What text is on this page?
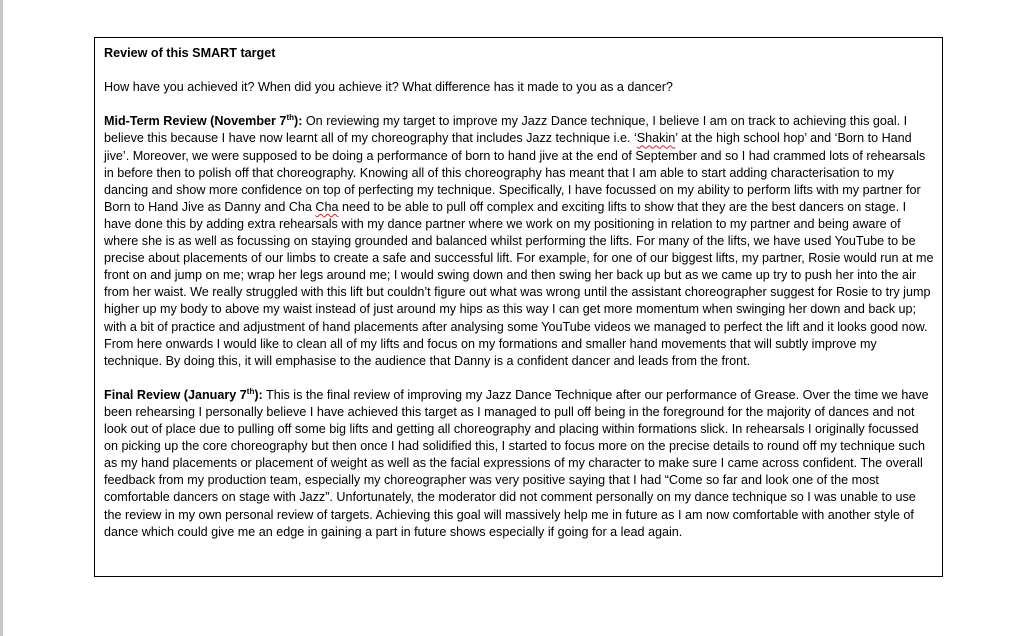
Review of this SMART target

How have you achieved it? When did you achieve it? What difference has it made to you as a dancer?

Mid-Term Review (November 7th): On reviewing my target to improve my Jazz Dance technique, I believe I am on track to achieving this goal. I believe this because I have now learnt all of my choreography that includes Jazz technique i.e. ‘Shakin’ at the high school hop’ and ‘Born to Hand jive’. Moreover, we were supposed to be doing a performance of born to hand jive at the end of September and so I had crammed lots of rehearsals in before then to polish off that choreography. Knowing all of this choreography has meant that I am able to start adding characterisation to my dancing and show more confidence on top of perfecting my technique. Specifically, I have focussed on my ability to perform lifts with my partner for Born to Hand Jive as Danny and Cha Cha need to be able to pull off complex and exciting lifts to show that they are the best dancers on stage. I have done this by adding extra rehearsals with my dance partner where we work on my positioning in relation to my partner and being aware of where she is as well as focussing on staying grounded and balanced whilst performing the lifts. For many of the lifts, we have used YouTube to be precise about placements of our limbs to create a safe and successful lift. For example, for one of our biggest lifts, my partner, Rosie would run at me front on and jump on me; wrap her legs around me; I would swing down and then swing her back up but as we came up try to push her into the air from her waist. We really struggled with this lift but couldn’t figure out what was wrong until the assistant choreographer suggest for Rosie to try jump higher up my body to above my waist instead of just around my hips as this way I can get more momentum when swinging her down and back up; with a bit of practice and adjustment of hand placements after analysing some YouTube videos we managed to perfect the lift and it looks good now. From here onwards I would like to clean all of my lifts and focus on my formations and smaller hand movements that will subtly improve my technique. By doing this, it will emphasise to the audience that Danny is a confident dancer and leads from the front.

Final Review (January 7th): This is the final review of improving my Jazz Dance Technique after our performance of Grease. Over the time we have been rehearsing I personally believe I have achieved this target as I managed to pull off being in the foreground for the majority of dances and not look out of place due to pulling off some big lifts and getting all choreography and placing within formations slick. In rehearsals I originally focussed on picking up the core choreography but then once I had solidified this, I started to focus more on the precise details to round off my technique such as my hand placements or placement of weight as well as the facial expressions of my character to make sure I came across confident. The overall feedback from my production team, especially my choreographer was very positive saying that I had “Come so far and look one of the most comfortable dancers on stage with Jazz”. Unfortunately, the moderator did not comment personally on my dance technique so I was unable to use the review in my own personal review of targets. Achieving this goal will massively help me in future as I am now comfortable with another style of dance which could give me an edge in gaining a part in future shows especially if going for a lead again.
